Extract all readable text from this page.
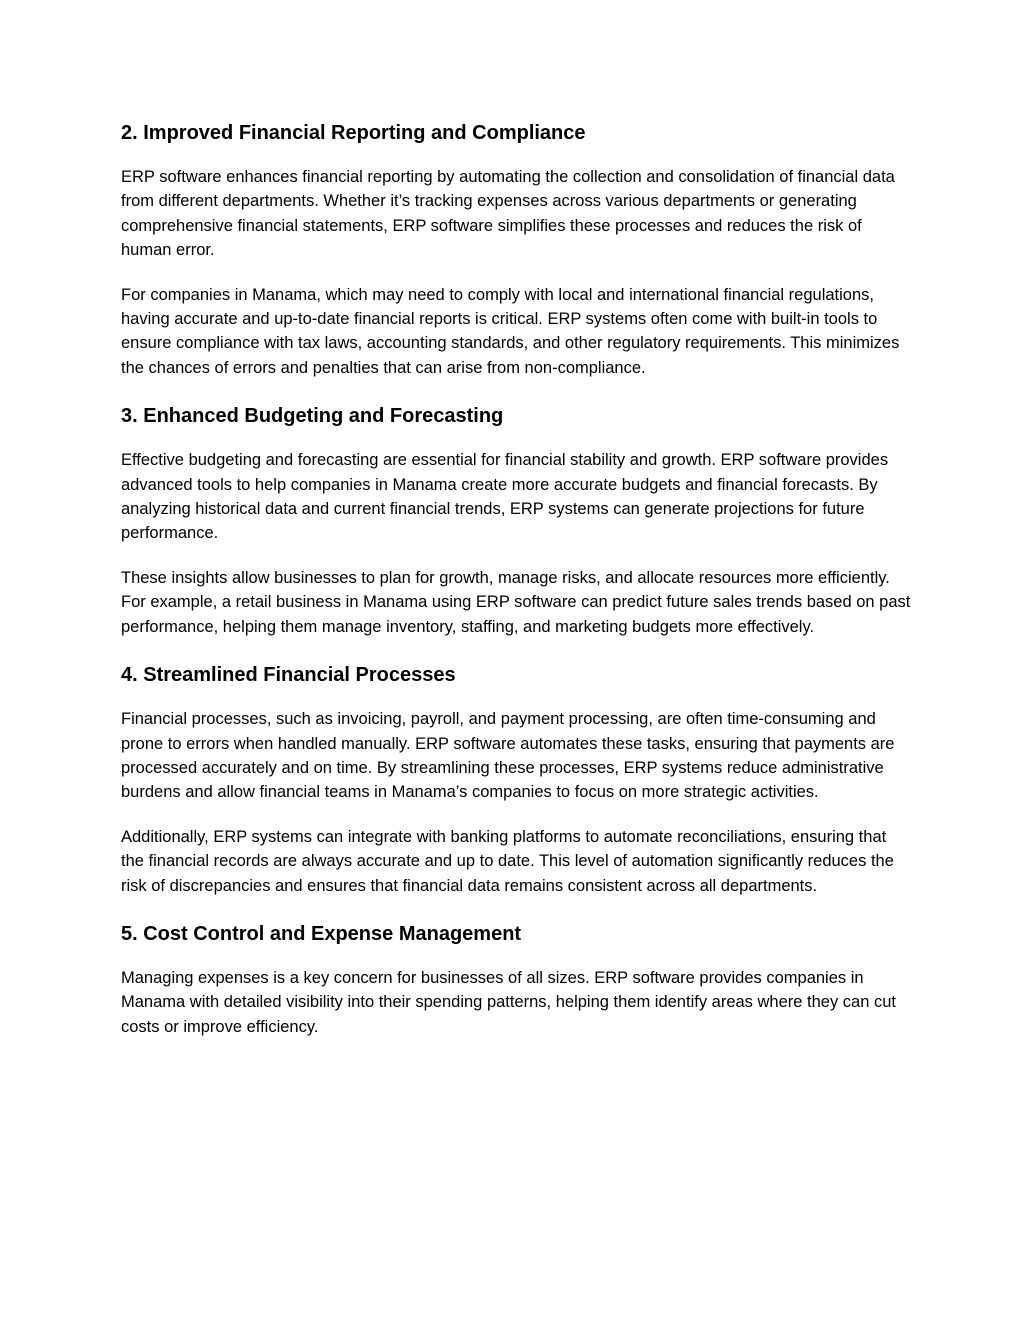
2. Improved Financial Reporting and Compliance

ERP software enhances financial reporting by automating the collection and consolidation of financial data from different departments. Whether it’s tracking expenses across various departments or generating comprehensive financial statements, ERP software simplifies these processes and reduces the risk of human error.

For companies in Manama, which may need to comply with local and international financial regulations, having accurate and up-to-date financial reports is critical. ERP systems often come with built-in tools to ensure compliance with tax laws, accounting standards, and other regulatory requirements. This minimizes the chances of errors and penalties that can arise from non-compliance.

3. Enhanced Budgeting and Forecasting

Effective budgeting and forecasting are essential for financial stability and growth. ERP software provides advanced tools to help companies in Manama create more accurate budgets and financial forecasts. By analyzing historical data and current financial trends, ERP systems can generate projections for future performance.

These insights allow businesses to plan for growth, manage risks, and allocate resources more efficiently. For example, a retail business in Manama using ERP software can predict future sales trends based on past performance, helping them manage inventory, staffing, and marketing budgets more effectively.

4. Streamlined Financial Processes

Financial processes, such as invoicing, payroll, and payment processing, are often time-consuming and prone to errors when handled manually. ERP software automates these tasks, ensuring that payments are processed accurately and on time. By streamlining these processes, ERP systems reduce administrative burdens and allow financial teams in Manama’s companies to focus on more strategic activities.

Additionally, ERP systems can integrate with banking platforms to automate reconciliations, ensuring that the financial records are always accurate and up to date. This level of automation significantly reduces the risk of discrepancies and ensures that financial data remains consistent across all departments.

5. Cost Control and Expense Management

Managing expenses is a key concern for businesses of all sizes. ERP software provides companies in Manama with detailed visibility into their spending patterns, helping them identify areas where they can cut costs or improve efficiency.
